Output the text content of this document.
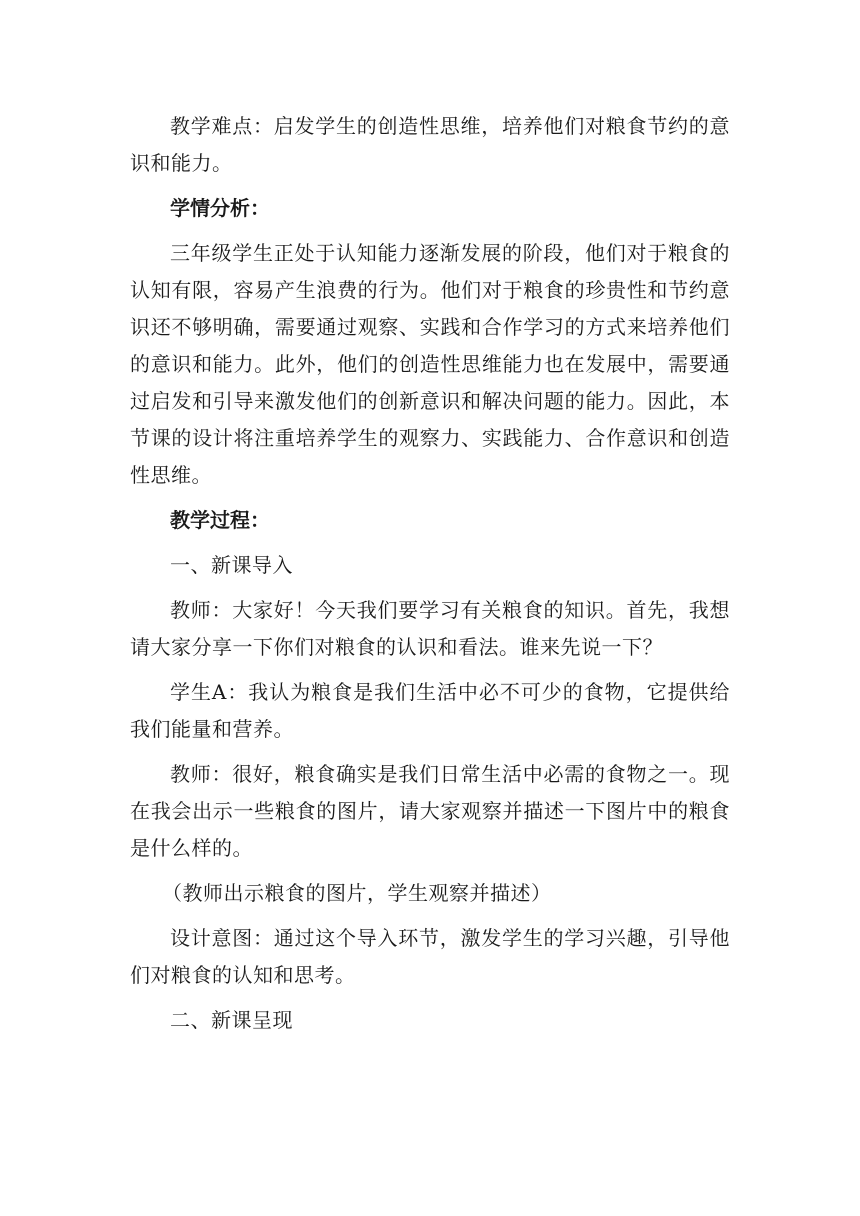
教学难点：启发学生的创造性思维，培养他们对粮食节约的意识和能力。

学情分析：

三年级学生正处于认知能力逐渐发展的阶段，他们对于粮食的认知有限，容易产生浪费的行为。他们对于粮食的珍贵性和节约意识还不够明确，需要通过观察、实践和合作学习的方式来培养他们的意识和能力。此外，他们的创造性思维能力也在发展中，需要通过启发和引导来激发他们的创新意识和解决问题的能力。因此，本节课的设计将注重培养学生的观察力、实践能力、合作意识和创造性思维。

教学过程：

一、新课导入

教师：大家好！今天我们要学习有关粮食的知识。首先，我想请大家分享一下你们对粮食的认识和看法。谁来先说一下？

学生A：我认为粮食是我们生活中必不可少的食物，它提供给我们能量和营养。

教师：很好，粮食确实是我们日常生活中必需的食物之一。现在我会出示一些粮食的图片，请大家观察并描述一下图片中的粮食是什么样的。

（教师出示粮食的图片，学生观察并描述）

设计意图：通过这个导入环节，激发学生的学习兴趣，引导他们对粮食的认知和思考。

二、新课呈现
